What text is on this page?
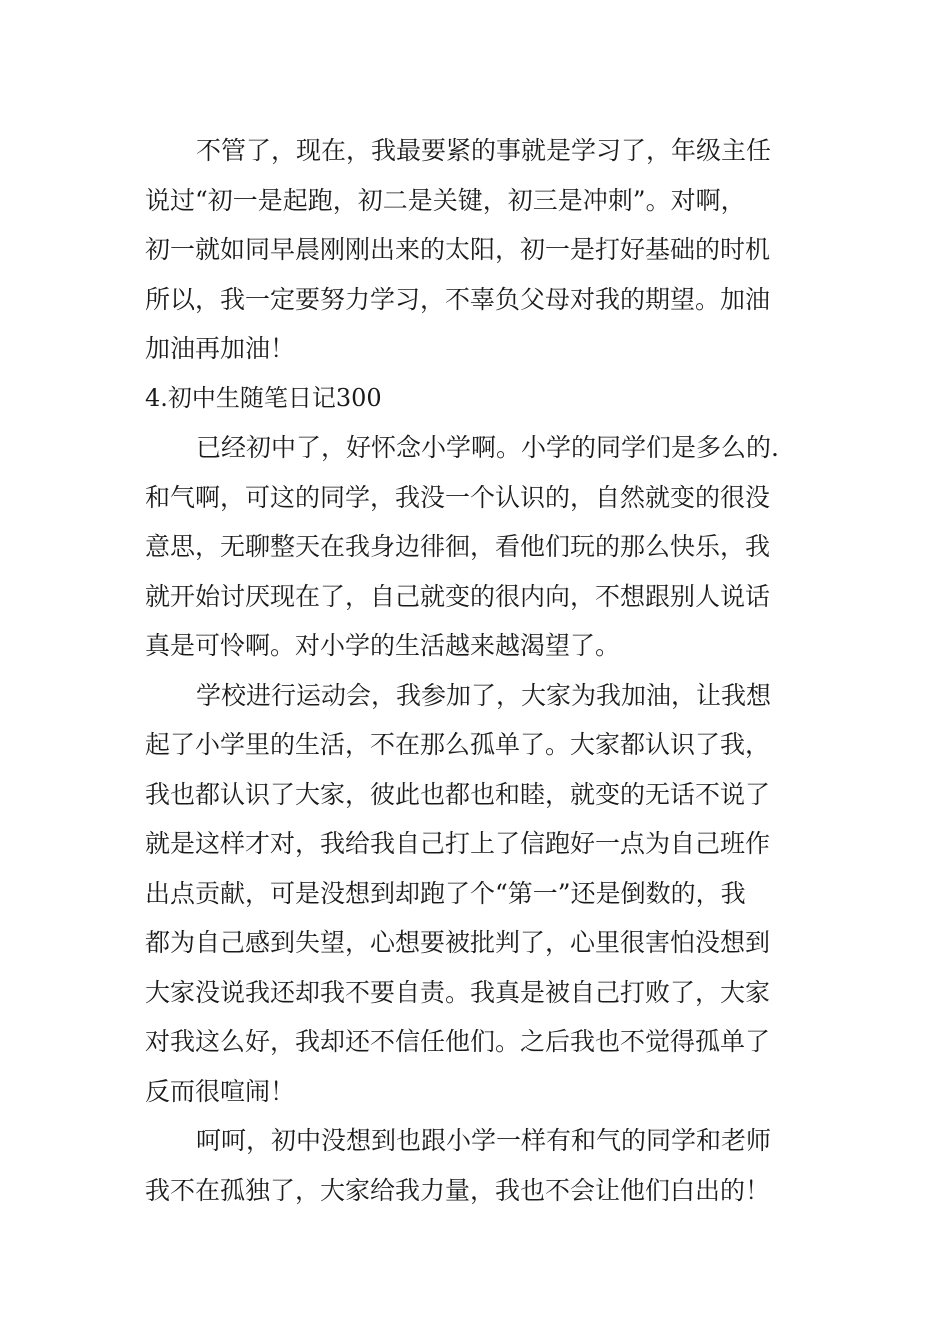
不管了，现在，我最要紧的事就是学习了，年级主任
说过“初一是起跑，初二是关键，初三是冲刺”。对啊，
初一就如同早晨刚刚出来的太阳，初一是打好基础的时机
所以，我一定要努力学习，不辜负父母对我的期望。加油
加油再加油！
4.初中生随笔日记300
已经初中了，好怀念小学啊。小学的同学们是多么的.
和气啊，可这的同学，我没一个认识的，自然就变的很没
意思，无聊整天在我身边徘徊，看他们玩的那么快乐，我
就开始讨厌现在了，自己就变的很内向，不想跟别人说话
真是可怜啊。对小学的生活越来越渴望了。
学校进行运动会，我参加了，大家为我加油，让我想
起了小学里的生活，不在那么孤单了。大家都认识了我，
我也都认识了大家，彼此也都也和睦，就变的无话不说了
就是这样才对，我给我自己打上了信跑好一点为自己班作
出点贡献，可是没想到却跑了个“第一”还是倒数的，我
都为自己感到失望，心想要被批判了，心里很害怕没想到
大家没说我还却我不要自责。我真是被自己打败了，大家
对我这么好，我却还不信任他们。之后我也不觉得孤单了
反而很喧闹！
呵呵，初中没想到也跟小学一样有和气的同学和老师
我不在孤独了，大家给我力量，我也不会让他们白出的！
